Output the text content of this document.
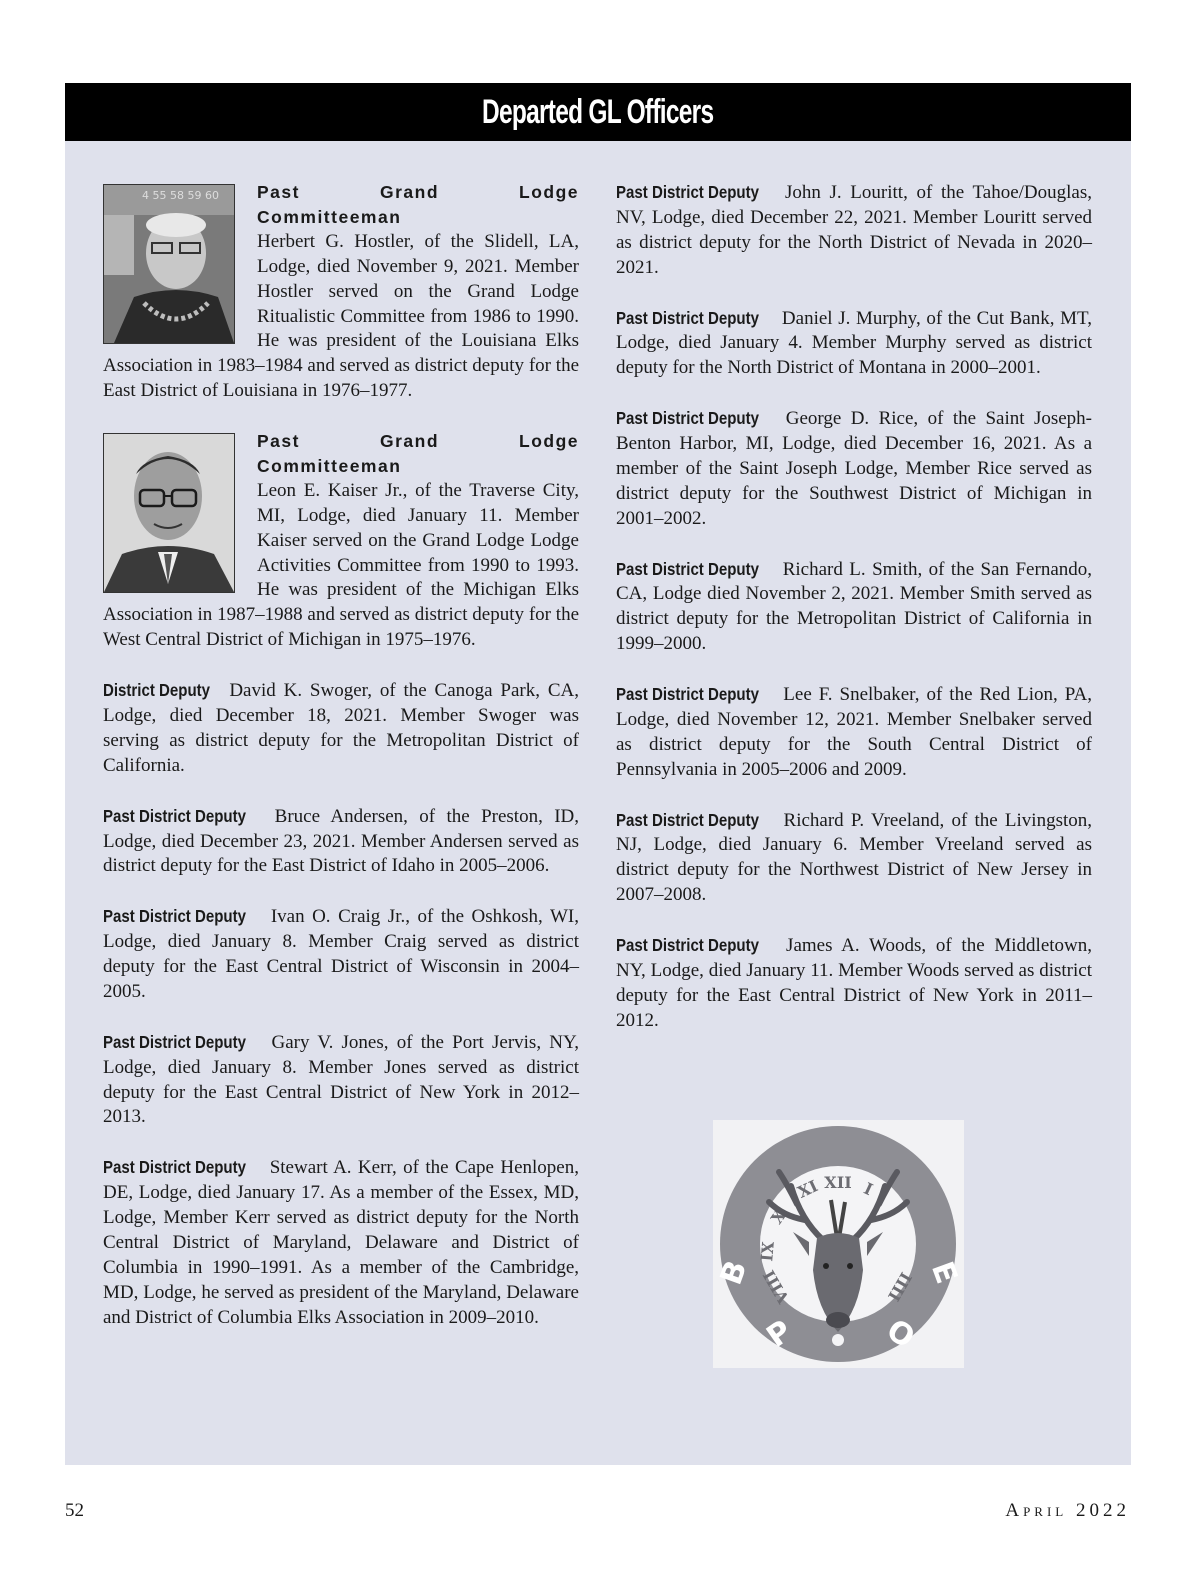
Departed GL Officers
4 55 58 59 60 Past Grand Lodge Committeeman
Herbert G. Hostler, of the Slidell, LA, Lodge, died November 9, 2021. Member Hostler served on the Grand Lodge Ritualistic Committee from 1986 to 1990. He was president of the Louisiana Elks Association in 1983–1984 and served as district deputy for the East District of Louisiana in 1976–1977.
Past Grand Lodge Committeeman
Leon E. Kaiser Jr., of the Traverse City, MI, Lodge, died January 11. Member Kaiser served on the Grand Lodge Lodge Activities Committee from 1990 to 1993. He was president of the Michigan Elks Association in 1987–1988 and served as district deputy for the West Central District of Michigan in 1975–1976.

District Deputy David K. Swoger, of the Canoga Park, CA, Lodge, died December 18, 2021. Member Swoger was serving as district deputy for the Metropolitan District of California.

Past District Deputy Bruce Andersen, of the Preston, ID, Lodge, died December 23, 2021. Member Andersen served as district deputy for the East District of Idaho in 2005–2006.

Past District Deputy Ivan O. Craig Jr., of the Oshkosh, WI, Lodge, died January 8. Member Craig served as district deputy for the East Central District of Wisconsin in 2004–2005.

Past District Deputy Gary V. Jones, of the Port Jervis, NY, Lodge, died January 8. Member Jones served as district deputy for the East Central District of New York in 2012–2013.

Past District Deputy Stewart A. Kerr, of the Cape Henlopen, DE, Lodge, died January 17. As a member of the Essex, MD, Lodge, Member Kerr served as district deputy for the North Central District of Maryland, Delaware and District of Columbia in 1990–1991. As a member of the Cambridge, MD, Lodge, he served as president of the Maryland, Delaware and District of Columbia Elks Association in 2009–2010.

Past District Deputy John J. Louritt, of the Tahoe/Douglas, NV, Lodge, died December 22, 2021. Member Louritt served as district deputy for the North District of Nevada in 2020–2021.

Past District Deputy Daniel J. Murphy, of the Cut Bank, MT, Lodge, died January 4. Member Murphy served as district deputy for the North District of Montana in 2000–2001.

Past District Deputy George D. Rice, of the Saint Joseph-Benton Harbor, MI, Lodge, died December 16, 2021. As a member of the Saint Joseph Lodge, Member Rice served as district deputy for the Southwest District of Michigan in 2001–2002.

Past District Deputy Richard L. Smith, of the San Fernando, CA, Lodge died November 2, 2021. Member Smith served as district deputy for the Metropolitan District of California in 1999–2000.

Past District Deputy Lee F. Snelbaker, of the Red Lion, PA, Lodge, died November 12, 2021. Member Snelbaker served as district deputy for the South Central District of Pennsylvania in 2005–2006 and 2009.

Past District Deputy Richard P. Vreeland, of the Livingston, NJ, Lodge, died January 6. Member Vreeland served as district deputy for the Northwest District of New Jersey in 2007–2008.

Past District Deputy James A. Woods, of the Middletown, NY, Lodge, died January 11. Member Woods served as district deputy for the East Central District of New York in 2011–2012.

XII
XI	I
X
IX
VIII	IIII
B
P	O
E
52	April 2022
